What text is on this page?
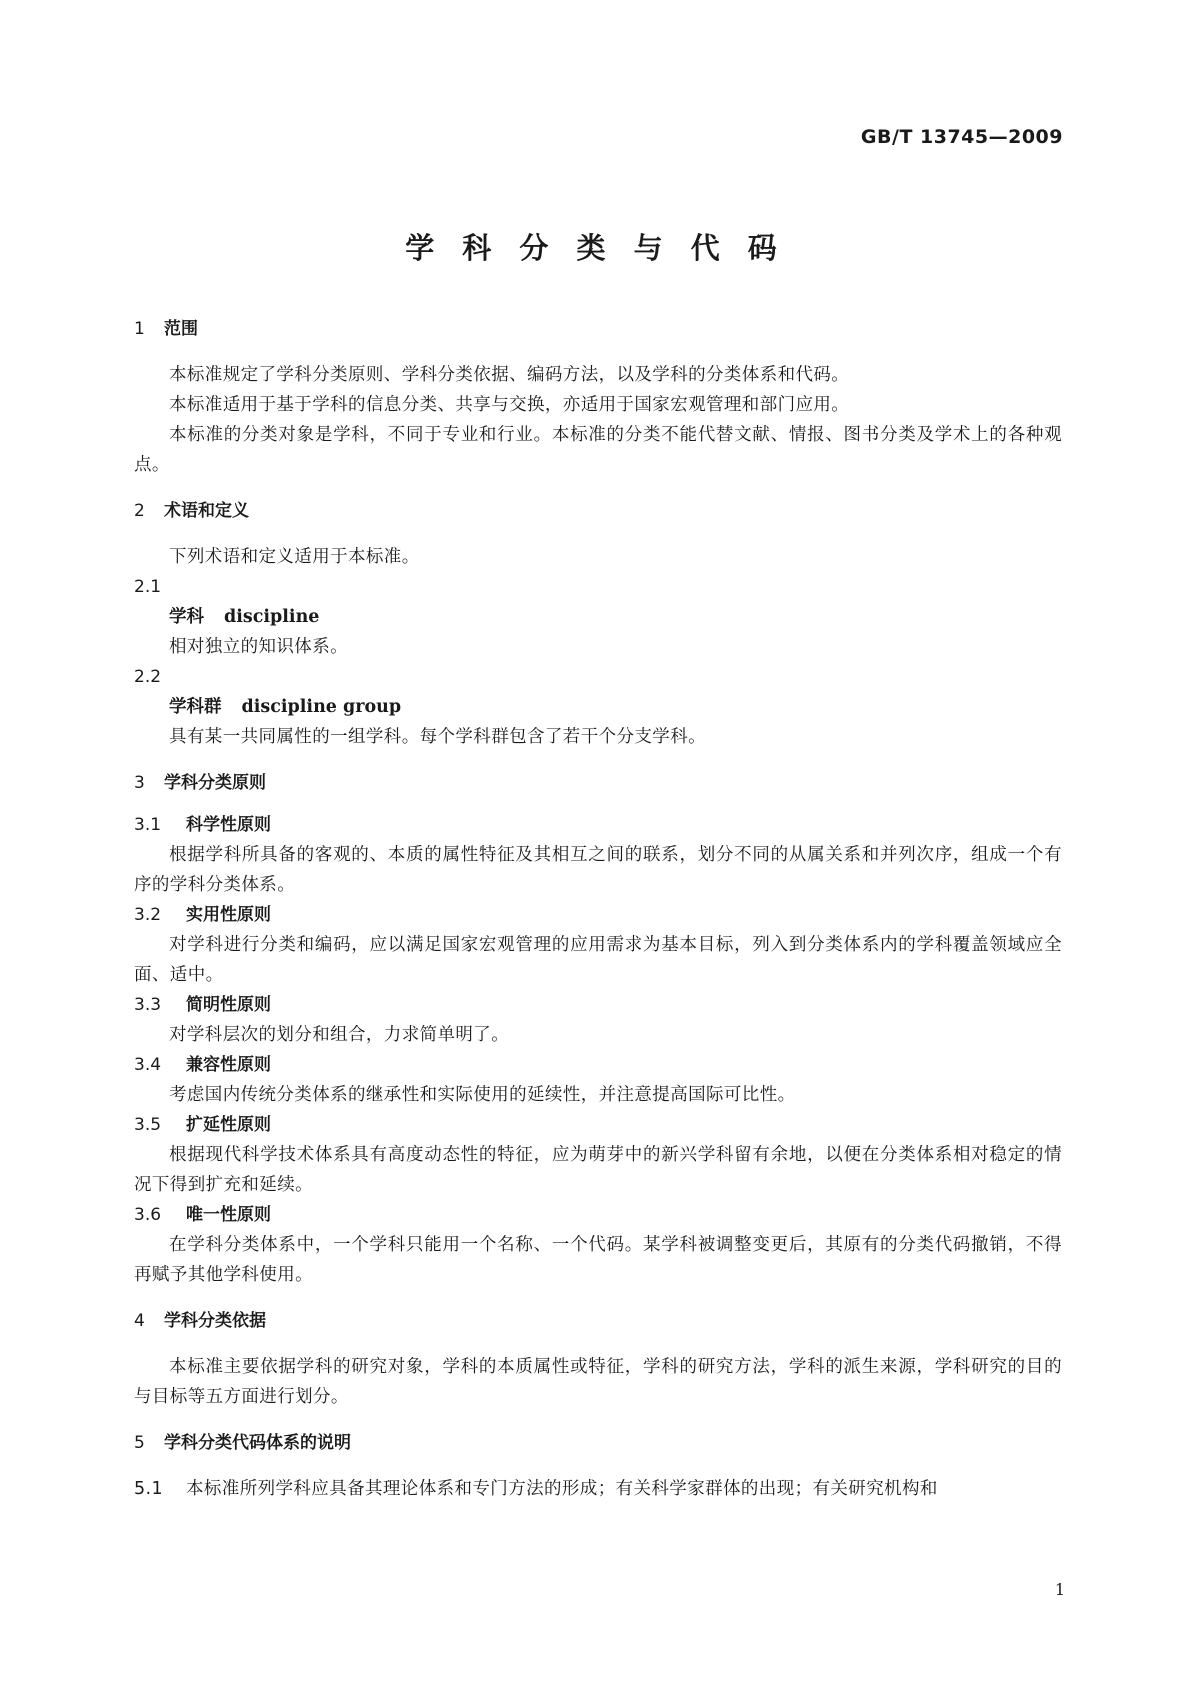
GB/T 13745—2009
学 科 分 类 与 代 码
1 范围

本标准规定了学科分类原则、学科分类依据、编码方法，以及学科的分类体系和代码。

本标准适用于基于学科的信息分类、共享与交换，亦适用于国家宏观管理和部门应用。

本标准的分类对象是学科，不同于专业和行业。本标准的分类不能代替文献、情报、图书分类及学术上的各种观点。

2 术语和定义

下列术语和定义适用于本标准。

2.1
学科 discipline
相对独立的知识体系。
2.2
学科群 discipline group
具有某一共同属性的一组学科。每个学科群包含了若干个分支学科。
3 学科分类原则
3.1 科学性原则

根据学科所具备的客观的、本质的属性特征及其相互之间的联系，划分不同的从属关系和并列次序，组成一个有序的学科分类体系。

3.2 实用性原则

对学科进行分类和编码，应以满足国家宏观管理的应用需求为基本目标，列入到分类体系内的学科覆盖领域应全面、适中。

3.3 简明性原则

对学科层次的划分和组合，力求简单明了。

3.4 兼容性原则

考虑国内传统分类体系的继承性和实际使用的延续性，并注意提高国际可比性。

3.5 扩延性原则

根据现代科学技术体系具有高度动态性的特征，应为萌芽中的新兴学科留有余地，以便在分类体系相对稳定的情况下得到扩充和延续。

3.6 唯一性原则

在学科分类体系中，一个学科只能用一个名称、一个代码。某学科被调整变更后，其原有的分类代码撤销，不得再赋予其他学科使用。

4 学科分类依据

本标准主要依据学科的研究对象，学科的本质属性或特征，学科的研究方法，学科的派生来源，学科研究的目的与目标等五方面进行划分。

5 学科分类代码体系的说明
5.1 本标准所列学科应具备其理论体系和专门方法的形成；有关科学家群体的出现；有关研究机构和
1
